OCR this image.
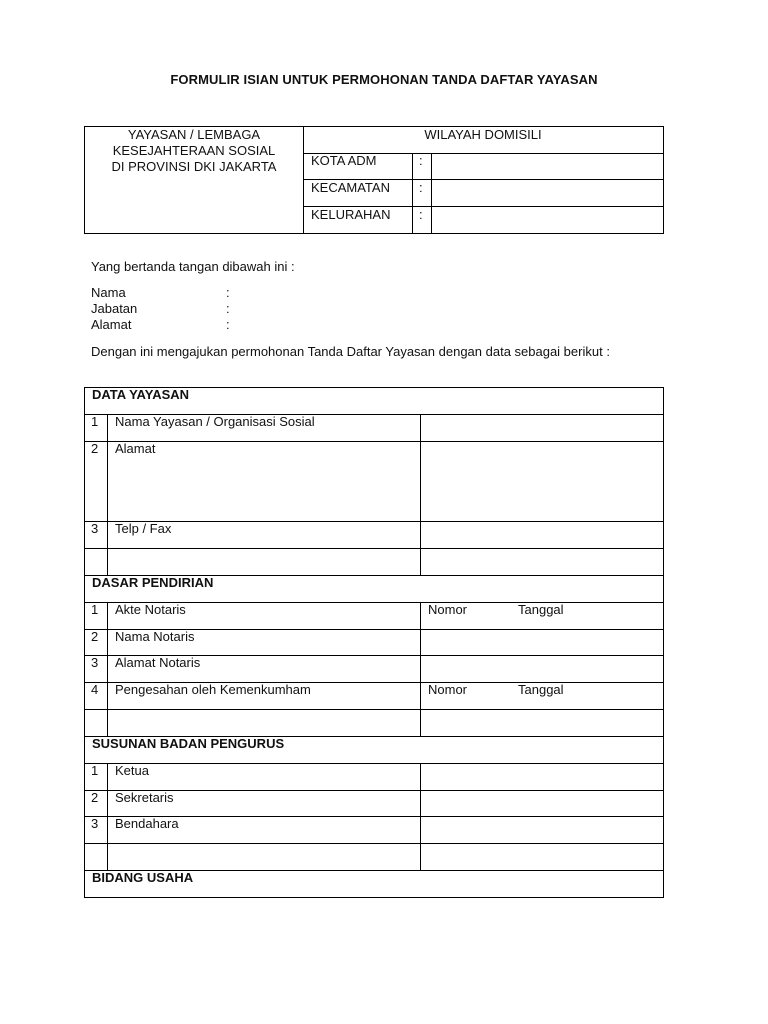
FORMULIR ISIAN UNTUK PERMOHONAN TANDA DAFTAR YAYASAN
YAYASAN / LEMBAGA
KESEJAHTERAAN SOSIAL
DI PROVINSI DKI JAKARTA
WILAYAH DOMISILI
KOTA ADM	:
KECAMATAN :
KELURAHAN :
Yang bertanda tangan dibawah ini :
Nama	:
Jabatan	:
Alamat	:
Dengan ini mengajukan permohonan Tanda Daftar Yayasan dengan data sebagai berikut :
DATA YAYASAN
1 Nama Yayasan / Organisasi Sosial
2 Alamat
3 Telp / Fax
DASAR PENDIRIAN
1 Akte Notaris	Nomor	Tanggal
2 Nama Notaris
3 Alamat Notaris
4 Pengesahan oleh Kemenkumham	Nomor	Tanggal
SUSUNAN BADAN PENGURUS
1 Ketua
2 Sekretaris
3 Bendahara
BIDANG USAHA
